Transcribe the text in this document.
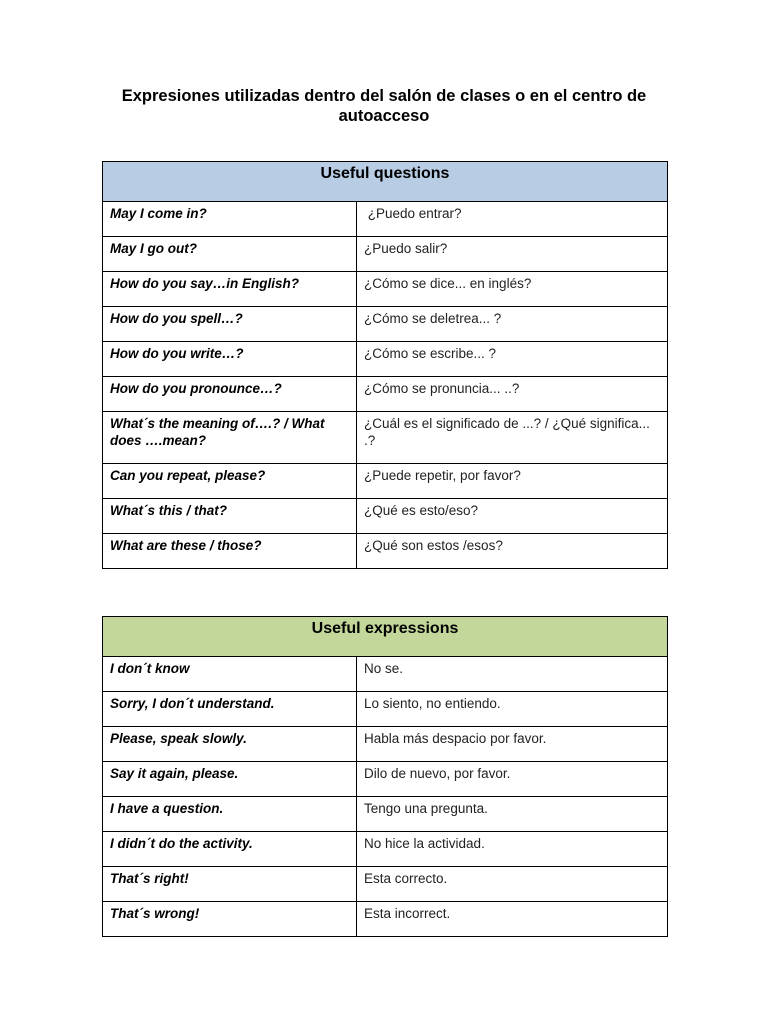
Expresiones utilizadas dentro del salón de clases o en el centro de autoacceso
Useful questions	
May I come in?	¿Puedo entrar?
May I go out?	¿Puedo salir?
How do you say…in English?	¿Cómo se dice... en inglés?
How do you spell…?	¿Cómo se deletrea... ?
How do you write…?	¿Cómo se escribe... ?
How do you pronounce…?	¿Cómo se pronuncia... ..?
What´s the meaning of….? / What does ….mean?	¿Cuál es el significado de ...? / ¿Qué significa... .?
Can you repeat, please?	¿Puede repetir, por favor?
What´s this / that?	¿Qué es esto/eso?
What are these / those?	¿Qué son estos /esos?
Useful expressions	
I don´t know	No se.
Sorry, I don´t understand.	Lo siento, no entiendo.
Please, speak slowly.	Habla más despacio por favor.
Say it again, please.	Dilo de nuevo, por favor.
I have a question.	Tengo una pregunta.
I didn´t do the activity.	No hice la actividad.
That´s right!	Esta correcto.
That´s wrong!	Esta incorrect.
